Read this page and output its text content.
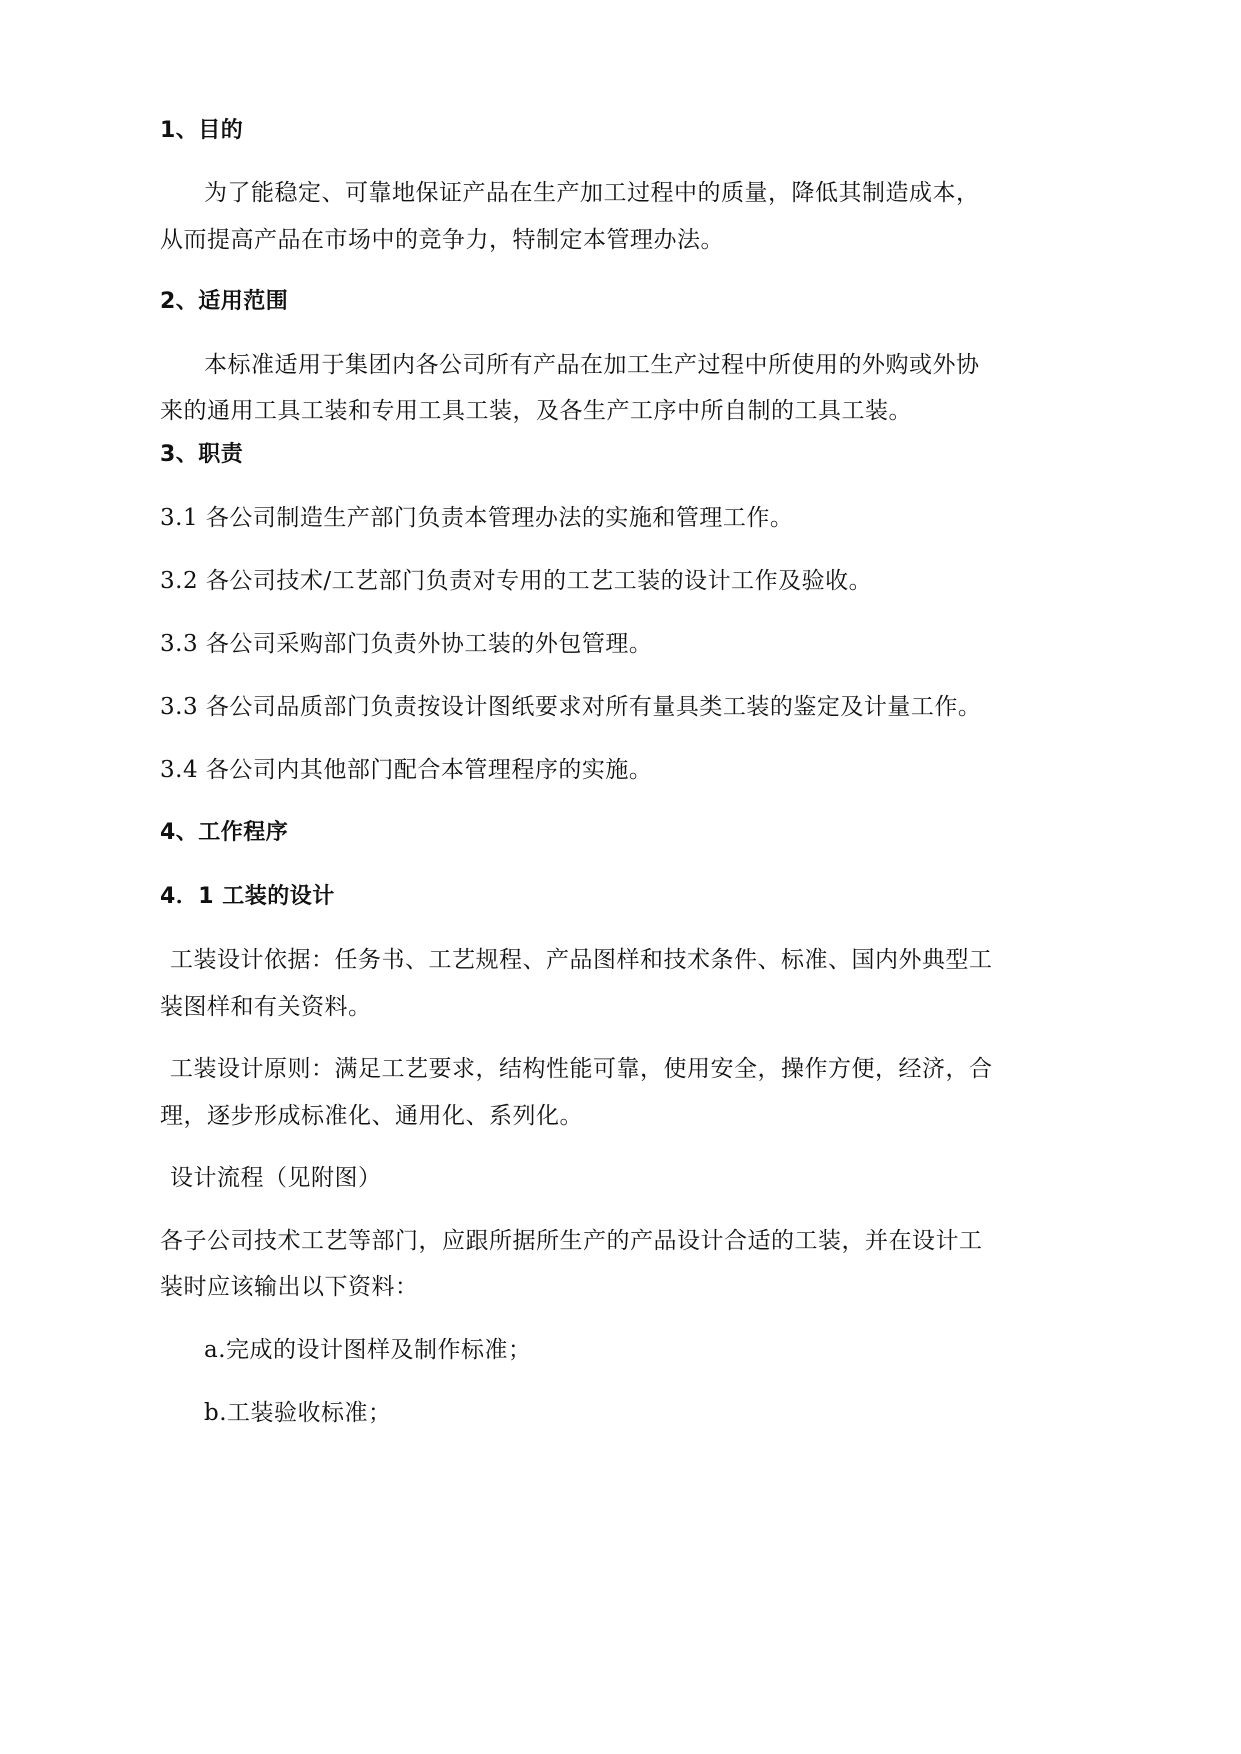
1、目的
为了能稳定、可靠地保证产品在生产加工过程中的质量，降低其制造成本，
从而提高产品在市场中的竞争力，特制定本管理办法。
2、适用范围
本标准适用于集团内各公司所有产品在加工生产过程中所使用的外购或外协
来的通用工具工装和专用工具工装，及各生产工序中所自制的工具工装。
3、职责
3.1 各公司制造生产部门负责本管理办法的实施和管理工作。
3.2 各公司技术/工艺部门负责对专用的工艺工装的设计工作及验收。
3.3 各公司采购部门负责外协工装的外包管理。
3.3 各公司品质部门负责按设计图纸要求对所有量具类工装的鉴定及计量工作。
3.4 各公司内其他部门配合本管理程序的实施。
4、工作程序
4．1 工装的设计
工装设计依据：任务书、工艺规程、产品图样和技术条件、标准、国内外典型工
装图样和有关资料。
工装设计原则：满足工艺要求，结构性能可靠，使用安全，操作方便，经济，合
理，逐步形成标准化、通用化、系列化。
设计流程（见附图）
各子公司技术工艺等部门，应跟所据所生产的产品设计合适的工装，并在设计工
装时应该输出以下资料：
a.完成的设计图样及制作标准；
b.工装验收标准；
